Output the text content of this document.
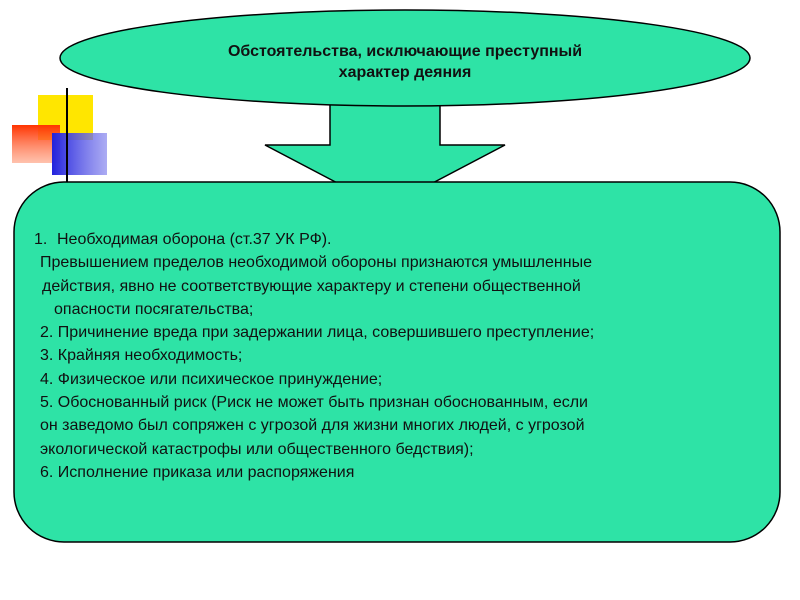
Обстоятельства, исключающие преступный
характер деяния
1. Необходимая оборона (ст.37 УК РФ).
Превышением пределов необходимой обороны признаются умышленные
действия, явно не соответствующие характеру и степени общественной
опасности посягательства;
2. Причинение вреда при задержании лица, совершившего преступление;
3. Крайняя необходимость;
4. Физическое или психическое принуждение;
5. Обоснованный риск (Риск не может быть признан обоснованным, если
он заведомо был сопряжен с угрозой для жизни многих людей, с угрозой
экологической катастрофы или общественного бедствия);
6. Исполнение приказа или распоряжения
